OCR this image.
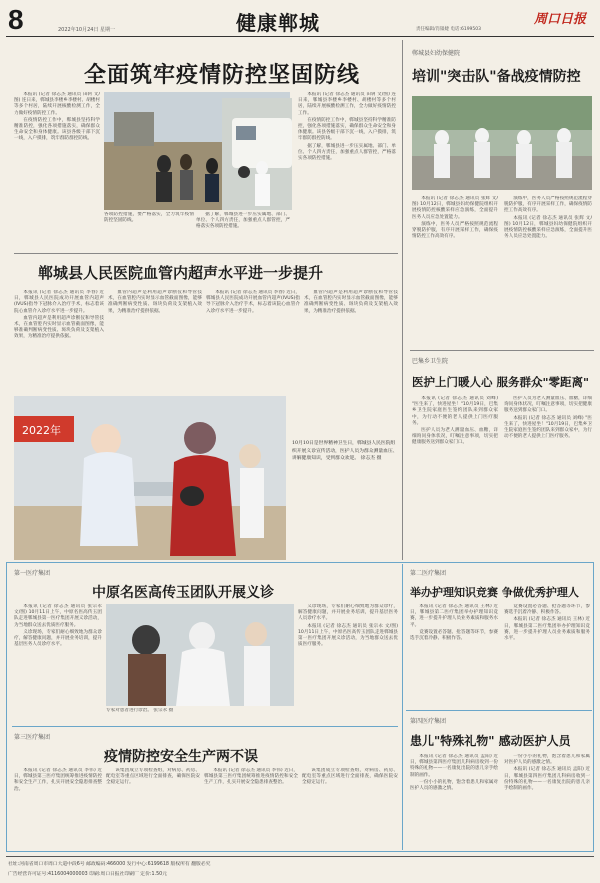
8	2022年10月24日 星期一	健康郸城	周口日报
责任编辑/肖韫婕 电话:6199503
全面筑牢疫情防控坚固防线

本报讯 (记者 徐志杰 通讯员 田轲 文/图) 连日来，郸城县李楼乡李楼村、胡楼村等多个村居，陆续开展核酸检测工作，全力做好疫情防控工作。

在疫情防控工作中，郸城县坚持科学精准防控，强化各项措施落实，确保群众生命安全和身体健康。该县各级干部下沉一线，入户摸排，筑牢群防群控防线。

各项防控措施，要严格落实，全力筑牢疫情防控坚固防线。

据了解，郸城县进一步压实属地、部门、单位、个人四方责任，加强重点人群管控，严格落实各项防控措施。

本报讯 (记者 徐志杰 通讯员 田轲 文/图) 连日来，郸城县李楼乡李楼村、胡楼村等多个村居，陆续开展核酸检测工作，全力做好疫情防控工作。

在疫情防控工作中，郸城县坚持科学精准防控，强化各项措施落实，确保群众生命安全和身体健康。该县各级干部下沉一线，入户摸排，筑牢群防群控防线。

据了解，郸城县进一步压实属地、部门、单位、个人四方责任，加强重点人群管控，严格落实各项防控措施。

郸城县人民医院血管内超声水平进一步提升

本报讯 (记者 徐志杰 通讯员 李春) 近日，郸城县人民医院成功开展血管内超声(IVUS)指导下冠脉介入治疗手术，标志着该院心血管介入诊疗水平进一步提升。

血管内超声是利用超声诊断仪和导管技术，在血管腔内实时显示血管截面图像，能够准确判断病变性质、斑块负荷及支架植入效果，为精准治疗提供依据。

血管内超声是利用超声诊断仪和导管技术，在血管腔内实时显示血管截面图像，能够准确判断病变性质、斑块负荷及支架植入效果，为精准治疗提供依据。

本报讯 (记者 徐志杰 通讯员 李春) 近日，郸城县人民医院成功开展血管内超声(IVUS)指导下冠脉介入治疗手术，标志着该院心血管介入诊疗水平进一步提升。

血管内超声是利用超声诊断仪和导管技术，在血管腔内实时显示血管截面图像，能够准确判断病变性质、斑块负荷及支架植入效果，为精准治疗提供依据。

2022年
10月10日是世界精神卫生日，郸城县人民医院组织开展义诊宣传活动，医护人员为群众测量血压、讲解健康知识，受到群众欢迎。 徐志杰 摄
郸城县妇幼保健院
培训"突击队"备战疫情防控

本报讯 (记者 徐志杰 通讯员 张辉 文/图) 10月12日，郸城县妇幼保健院组织开展疫情防控核酸采样应急演练，全面提升医务人员应急处置能力。

演练中，医务人员严格按照规范流程穿脱防护服，有序开展采样工作，确保疫情防控工作高效有序。

演练中，医务人员严格按照规范流程穿脱防护服，有序开展采样工作，确保疫情防控工作高效有序。

本报讯 (记者 徐志杰 通讯员 张辉 文/图) 10月12日，郸城县妇幼保健院组织开展疫情防控核酸采样应急演练，全面提升医务人员应急处置能力。

巴集乡卫生院
医护上门暖人心 服务群众"零距离"

本报讯 (记者 徐志杰 通讯员 刘峰) "医生来了，快进屋坐！"10月19日，巴集乡卫生院家庭医生签约团队来到群众家中，为行动不便的老人提供上门医疗服务。

医护人员为老人测量血压、血糖，详细询问身体状况，叮嘱注意事项，切实把健康服务送到群众家门口。

医护人员为老人测量血压、血糖，详细询问身体状况，叮嘱注意事项，切实把健康服务送到群众家门口。

本报讯 (记者 徐志杰 通讯员 刘峰) "医生来了，快进屋坐！"10月19日，巴集乡卫生院家庭医生签约团队来到群众家中，为行动不便的老人提供上门医疗服务。

第一医疗集团
中原名医高传玉团队开展义诊

本报讯 (记者 徐志杰 通讯员 张宗永 文/图) 10月11日上午，中原名医高传玉团队走进郸城县第一医疗集团开展义诊活动，为当地群众送去优质医疗服务。

义诊现场，专家们耐心细致地为群众诊疗，解答健康问题，并开展业务培训，提升基层医务人员诊疗水平。

专家对患者进行诊治。 张宗永 摄

义诊现场，专家们耐心细致地为群众诊疗，解答健康问题，并开展业务培训，提升基层医务人员诊疗水平。

本报讯 (记者 徐志杰 通讯员 张宗永 文/图) 10月11日上午，中原名医高传玉团队走进郸城县第一医疗集团开展义诊活动，为当地群众送去优质医疗服务。

第三医疗集团
疫情防控安全生产两不误

本报讯 (记者 徐志杰 通讯员 李伟) 近日，郸城县第三医疗集团统筹推进疫情防控和安全生产工作，扎实开展安全隐患排查整治。

该集团成立专项检查组，对病房、药房、配电室等重点区域进行全面排查，确保医院安全稳定运行。

本报讯 (记者 徐志杰 通讯员 李伟) 近日，郸城县第三医疗集团统筹推进疫情防控和安全生产工作，扎实开展安全隐患排查整治。

该集团成立专项检查组，对病房、药房、配电室等重点区域进行全面排查，确保医院安全稳定运行。

第二医疗集团
举办护理知识竞赛 争做优秀护理人

本报讯 (记者 徐志杰 通讯员 王林) 近日，郸城县第二医疗集团举办护理知识竞赛，进一步提升护理人员业务素质和服务水平。

竞赛设置必答题、抢答题等环节，参赛选手沉着冷静、积极作答。

竞赛设置必答题、抢答题等环节，参赛选手沉着冷静、积极作答。

本报讯 (记者 徐志杰 通讯员 王林) 近日，郸城县第二医疗集团举办护理知识竞赛，进一步提升护理人员业务素质和服务水平。

第四医疗集团
患儿"特殊礼物" 感动医护人员

本报讯 (记者 徐志杰 通讯员 孟阳) 近日，郸城县第四医疗集团儿科病房收到一份特殊的礼物——一名康复出院的患儿亲手绘制的画作。

一份小小的礼物，饱含着患儿和家属对医护人员的感激之情。

一份小小的礼物，饱含着患儿和家属对医护人员的感激之情。

本报讯 (记者 徐志杰 通讯员 孟阳) 近日，郸城县第四医疗集团儿科病房收到一份特殊的礼物——一名康复出院的患儿亲手绘制的画作。

社址:河南省周口市周口大道中段6号 邮政编码:466000 发行中心:6199618 版权所有 翻版必究
广告经营许可证号:4116004000003 印刷:周口日报社印刷厂 定价:1.50元
